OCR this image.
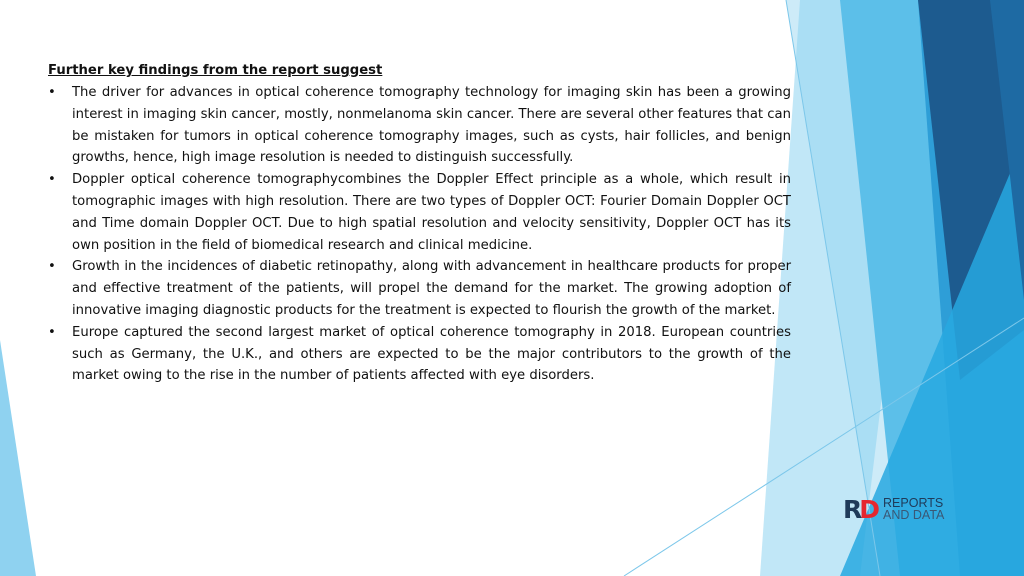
Further key findings from the report suggest

•	The driver for advances in optical coherence tomography technology for imaging skin has been a growing interest in imaging skin cancer, mostly, nonmelanoma skin cancer. There are several other features that can be mistaken for tumors in optical coherence tomography images, such as cysts, hair follicles, and benign growths, hence, high image resolution is needed to distinguish successfully.
•	Doppler optical coherence tomographycombines the Doppler Effect principle as a whole, which result in tomographic images with high resolution. There are two types of Doppler OCT: Fourier Domain Doppler OCT and Time domain Doppler OCT. Due to high spatial resolution and velocity sensitivity, Doppler OCT has its own position in the field of biomedical research and clinical medicine.
•	Growth in the incidences of diabetic retinopathy, along with advancement in healthcare products for proper and effective treatment of the patients, will propel the demand for the market. The growing adoption of innovative imaging diagnostic products for the treatment is expected to flourish the growth of the market.
•	Europe captured the second largest market of optical coherence tomography in 2018. European countries such as Germany, the U.K., and others are expected to be the major contributors to the growth of the market owing to the rise in the number of patients affected with eye disorders.
R D REPORTS
AND DATA
